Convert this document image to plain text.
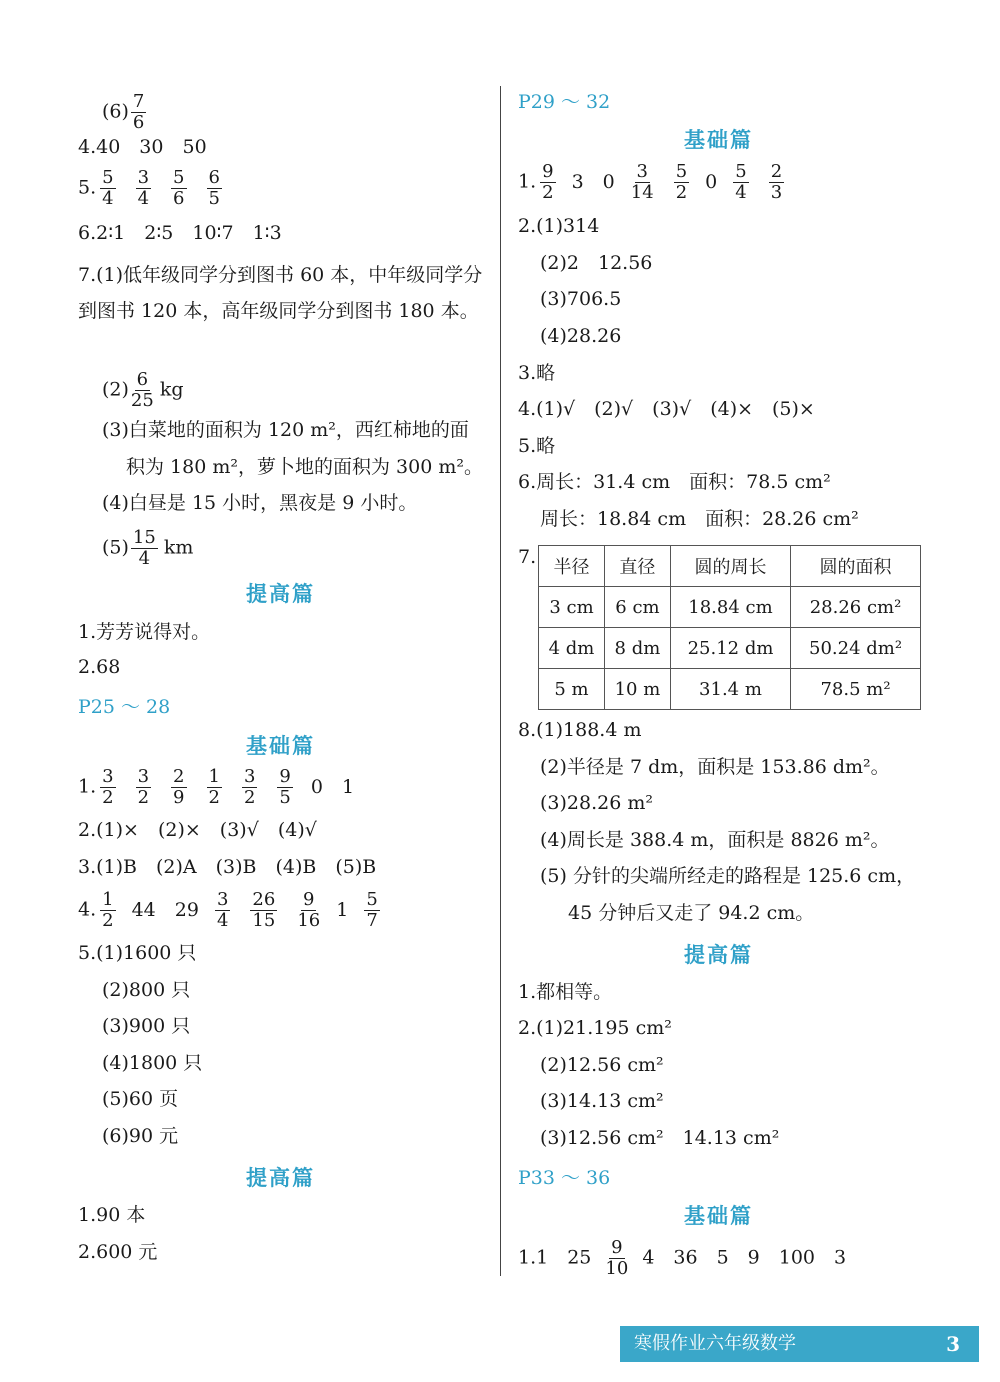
$(6) \frac{7}{6}$
4.40　30　50
5. $\frac{5}{4} \frac{3}{4} \frac{5}{6} \frac{6}{5}$
6.2∶1　2∶5　10∶7　1∶3
7.(1)低年级同学分到图书 60 本，中年级同学分到图书 120 本，高年级同学分到图书 180 本。
$(2) \frac{6}{25}$ kg
(3)白菜地的面积为 120 m²，西红柿地的面
积为 180 m²，萝卜地的面积为 300 m²。
(4)白昼是 15 小时，黑夜是 9 小时。
$(5) \frac{15}{4}$ km
提高篇
1.芳芳说得对。
2.68
P25 ～ 28
基础篇
1. $\frac{3}{2} \frac{3}{2} \frac{2}{9} \frac{1}{2} \frac{3}{2} \frac{9}{5} 0$　1
2.(1)×　(2)×　(3)√　(4)√
3.(1)B　(2)A　(3)B　(4)B　(5)B
4. $\frac{1}{2} 44$　$29 \frac{3}{4} \frac{26}{15} \frac{9}{16} 1 \frac{5}{7}$
5.(1)1600 只
(2)800 只
(3)900 只
(4)1800 只
(5)60 页
(6)90 元
提高篇
1.90 本
2.600 元
P29 ～ 32
基础篇
1. $\frac{9}{2} 3$　$0 \frac{3}{14} \frac{5}{2} 0 \frac{5}{4} \frac{2}{3}$
2.(1)314
(2)2　12.56
(3)706.5
(4)28.26
3.略
4.(1)√　(2)√　(3)√　(4)×　(5)×
5.略
6.周长：31.4 cm　面积：78.5 cm²
周长：18.84 cm　面积：28.26 cm²
7. 半径	直径	圆的周长	圆的面积
3 cm	6 cm	18.84 cm	28.26 cm²
4 dm	8 dm	25.12 dm	50.24 dm²
5 m	10 m	31.4 m	78.5 m²
8.(1)188.4 m
(2)半径是 7 dm，面积是 153.86 dm²。
(3)28.26 m²
(4)周长是 388.4 m，面积是 8826 m²。
(5) 分针的尖端所经走的路程是 125.6 cm，
45 分钟后又走了 94.2 cm。
提高篇
1.都相等。
2.(1)21.195 cm²
(2)12.56 cm²
(3)14.13 cm²
(3)12.56 cm²　14.13 cm²
P33 ～ 36
基础篇
1.1　$25 \frac{9}{10} 4$　36　5　9　100　3
寒假作业六年级数学	3
